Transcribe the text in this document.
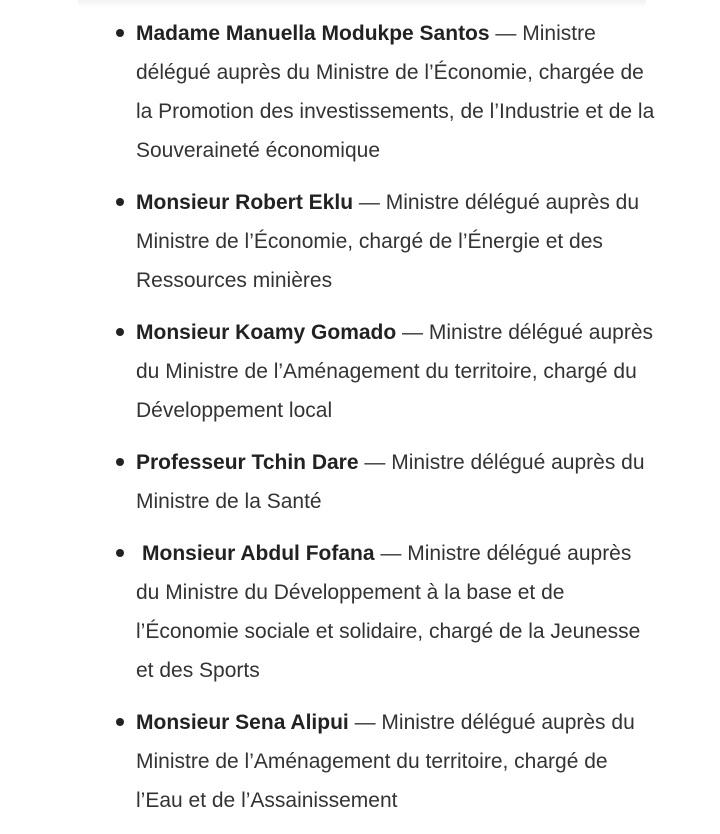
Madame Manuella Modukpe Santos — Ministre délégué auprès du Ministre de l’Économie, chargée de la Promotion des investissements, de l’Industrie et de la Souveraineté économique
Monsieur Robert Eklu — Ministre délégué auprès du Ministre de l’Économie, chargé de l’Énergie et des Ressources minières
Monsieur Koamy Gomado — Ministre délégué auprès du Ministre de l’Aménagement du territoire, chargé du Développement local
Professeur Tchin Dare — Ministre délégué auprès du Ministre de la Santé
Monsieur Abdul Fofana — Ministre délégué auprès du Ministre du Développement à la base et de l’Économie sociale et solidaire, chargé de la Jeunesse et des Sports
Monsieur Sena Alipui — Ministre délégué auprès du Ministre de l’Aménagement du territoire, chargé de l’Eau et de l’Assainissement
